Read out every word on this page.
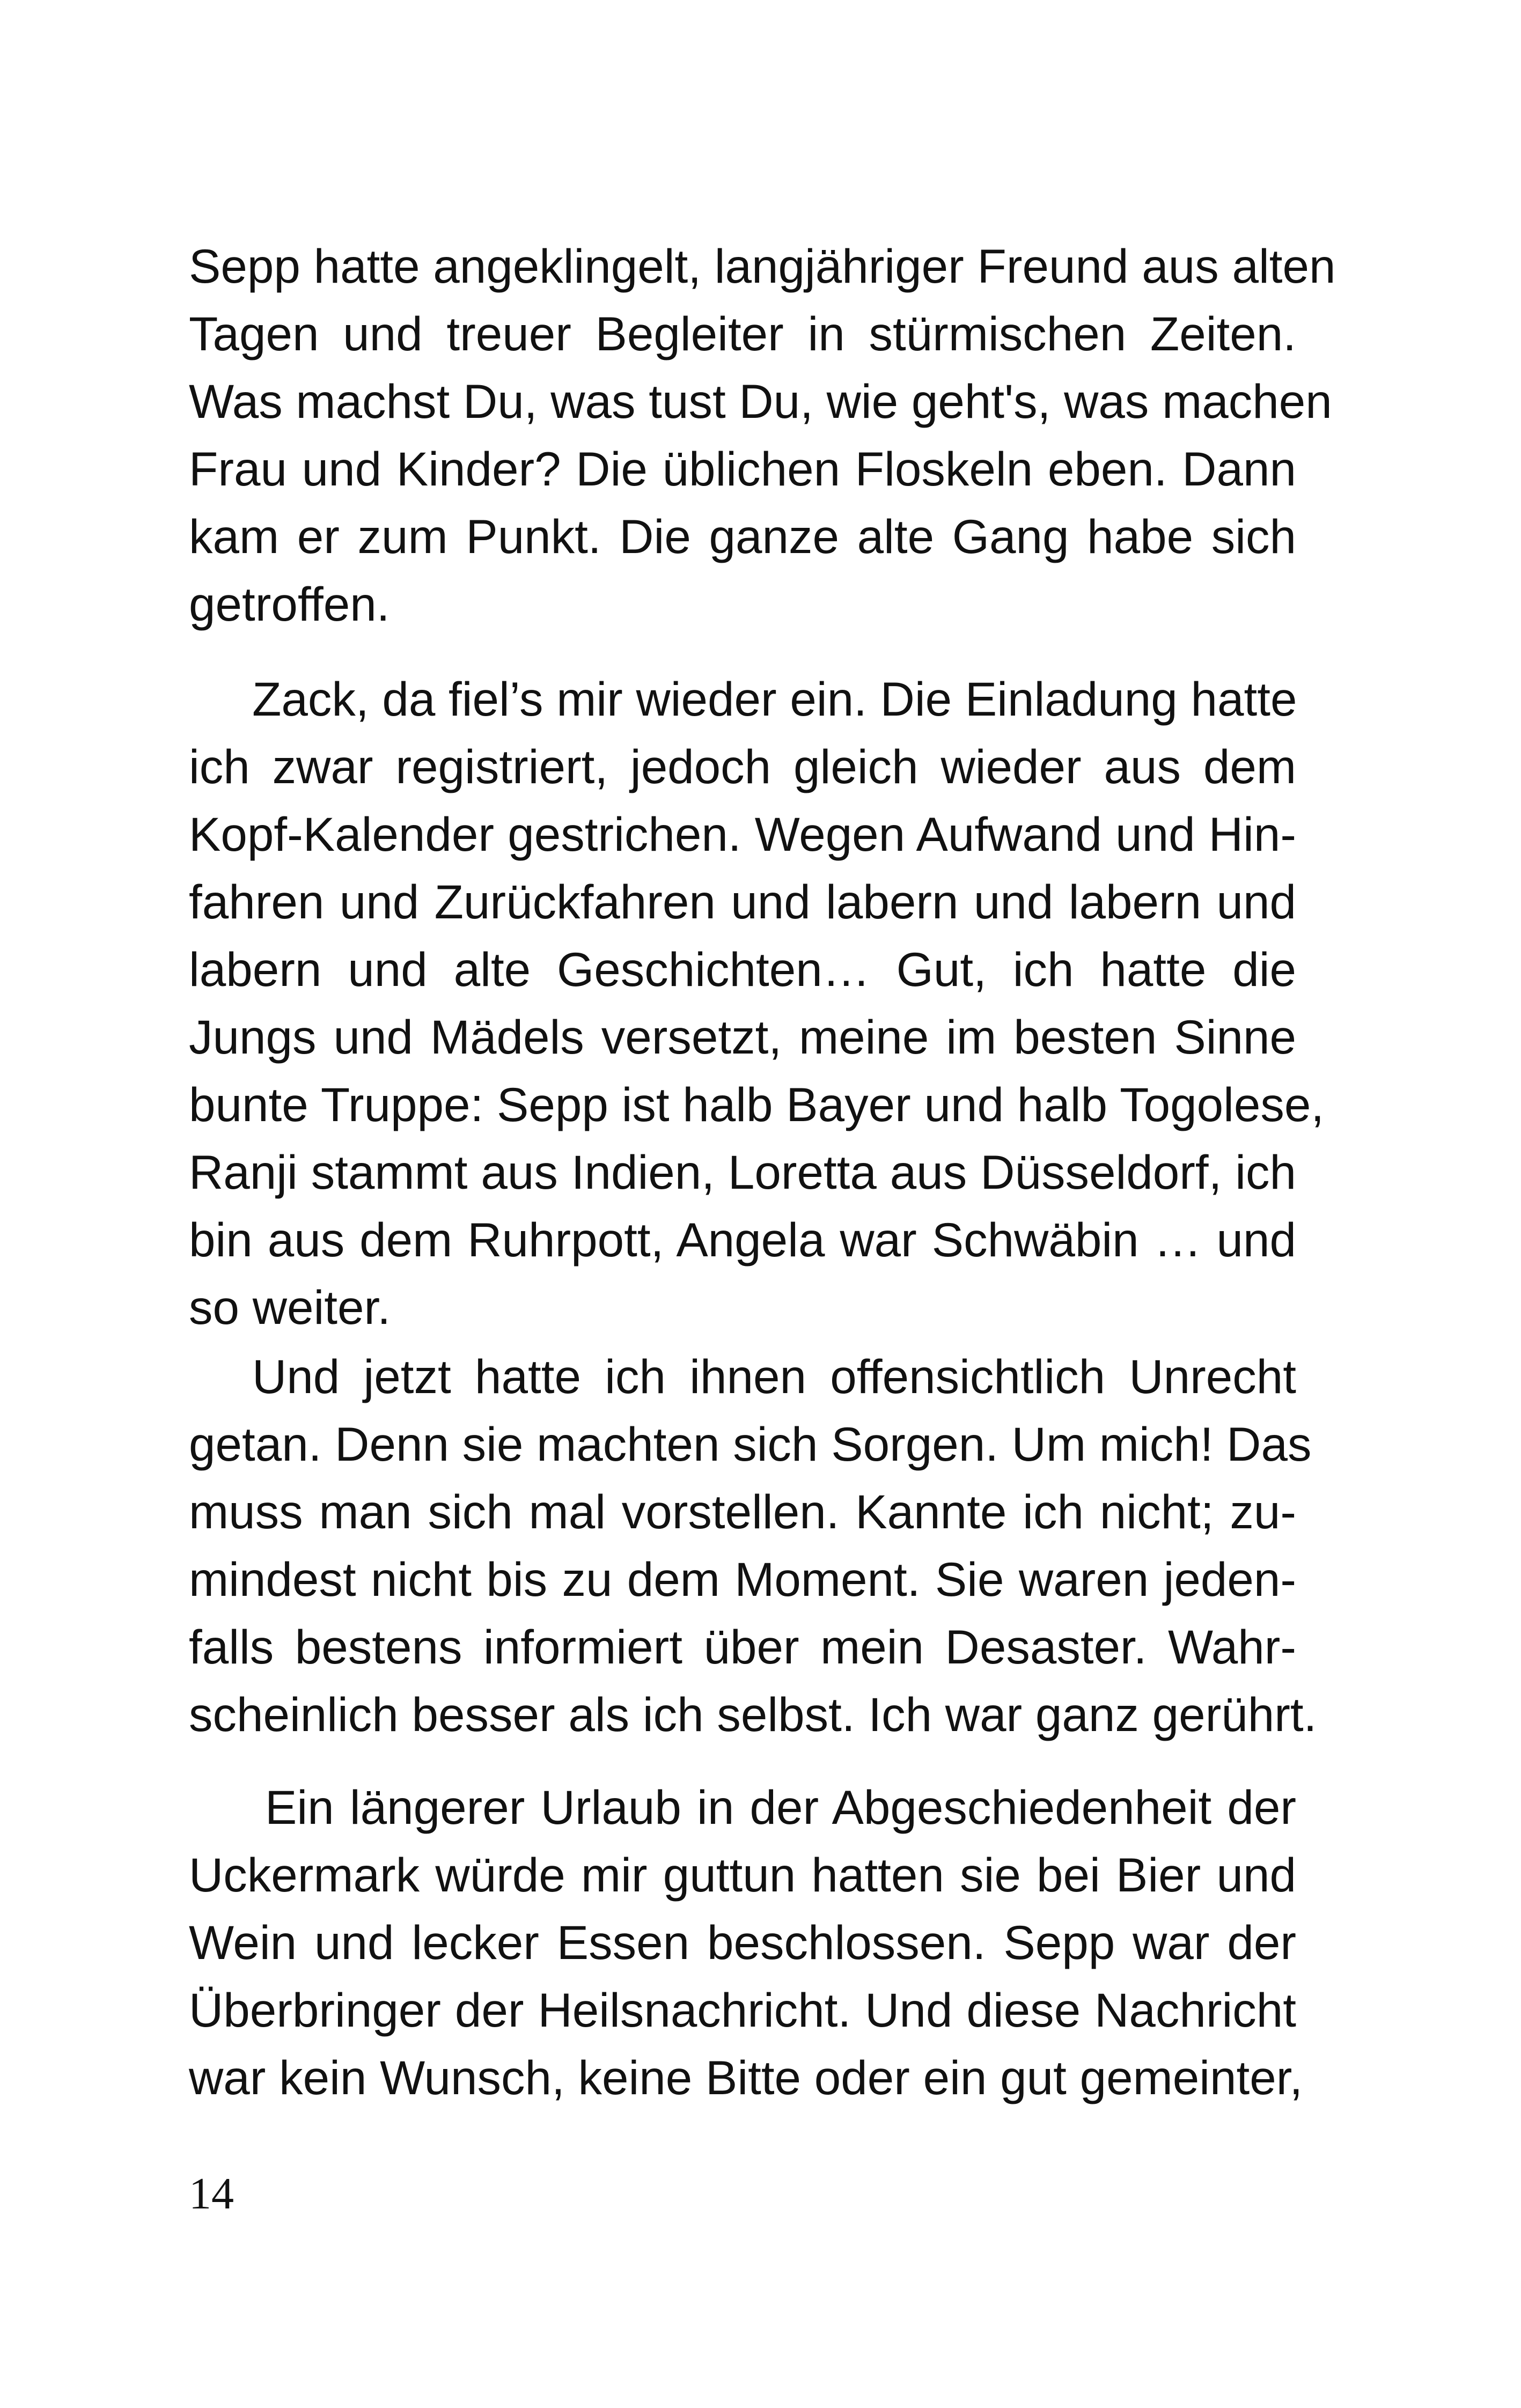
Sepp hatte angeklingelt, langjähriger Freund aus alten
Tagen und treuer Begleiter in stürmischen Zeiten.
Was machst Du, was tust Du, wie geht's, was machen
Frau und Kinder? Die üblichen Floskeln eben. Dann
kam er zum Punkt. Die ganze alte Gang habe sich
getroffen.
Zack, da fiel’s mir wieder ein. Die Einladung hatte
ich zwar registriert, jedoch gleich wieder aus dem
Kopf-Kalender gestrichen. Wegen Aufwand und Hin-
fahren und Zurückfahren und labern und labern und
labern und alte Geschichten… Gut, ich hatte die
Jungs und Mädels versetzt, meine im besten Sinne
bunte Truppe: Sepp ist halb Bayer und halb Togolese,
Ranji stammt aus Indien, Loretta aus Düsseldorf, ich
bin aus dem Ruhrpott, Angela war Schwäbin … und
so weiter.
Und jetzt hatte ich ihnen offensichtlich Unrecht
getan. Denn sie machten sich Sorgen. Um mich! Das
muss man sich mal vorstellen. Kannte ich nicht; zu-
mindest nicht bis zu dem Moment. Sie waren jeden-
falls bestens informiert über mein Desaster. Wahr-
scheinlich besser als ich selbst. Ich war ganz gerührt.
Ein längerer Urlaub in der Abgeschiedenheit der
Uckermark würde mir guttun hatten sie bei Bier und
Wein und lecker Essen beschlossen. Sepp war der
Überbringer der Heilsnachricht. Und diese Nachricht
war kein Wunsch, keine Bitte oder ein gut gemeinter,

14
